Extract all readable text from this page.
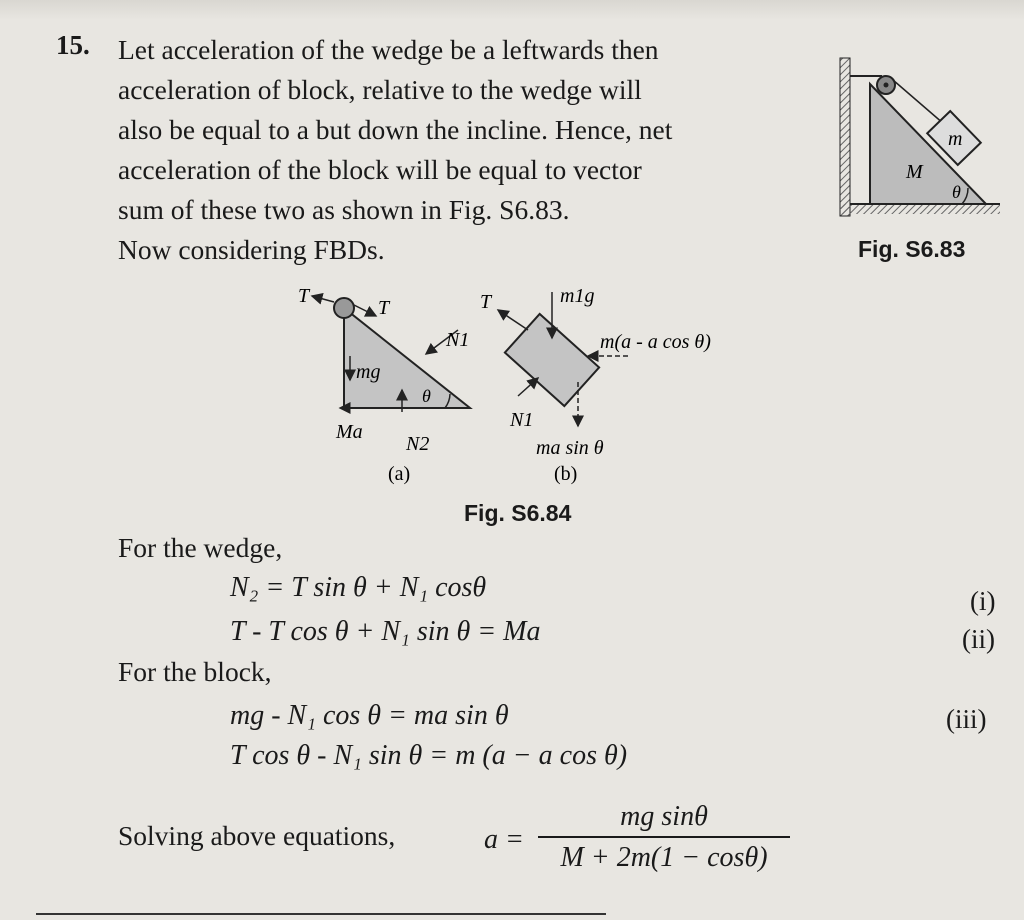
15. Let acceleration of the wedge be a leftwards then
acceleration of block, relative to the wedge will
also be equal to a but down the incline. Hence, net
acceleration of the block will be equal to vector
sum of these two as shown in Fig. S6.83.
Now considering FBDs.
m
M
θ
Fig. S6.83
T
T
N1
mg
θ
Ma
N2
(a)
T	m1g
m(a - a cos θ)
N1
ma sin θ
(b)
Fig. S6.84
For the wedge,
N₂ = T sin θ + N₁ cosθ	(i)
T - T cos θ + N₁ sin θ = Ma	(ii)
For the block,
mg - N₁ cos θ = ma sin θ	(iii)
T cos θ - N₁ sin θ = m (a − a cos θ)
Solving above equations,	a =
mg sinθ
M + 2m(1 − cosθ)
